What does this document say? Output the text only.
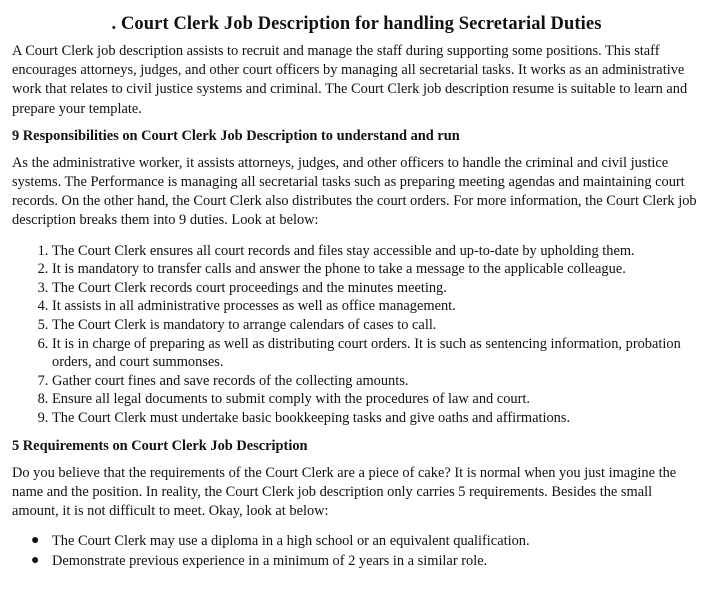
. Court Clerk Job Description for handling Secretarial Duties

A Court Clerk job description assists to recruit and manage the staff during supporting some positions. This staff encourages attorneys, judges, and other court officers by managing all secretarial tasks. It works as an administrative work that relates to civil justice systems and criminal. The Court Clerk job description resume is suitable to learn and prepare your template.

9 Responsibilities on Court Clerk Job Description to understand and run

As the administrative worker, it assists attorneys, judges, and other officers to handle the criminal and civil justice systems. The Performance is managing all secretarial tasks such as preparing meeting agendas and maintaining court records. On the other hand, the Court Clerk also distributes the court orders. For more information, the Court Clerk job description breaks them into 9 duties. Look at below:

1. The Court Clerk ensures all court records and files stay accessible and up-to-date by upholding them.
2. It is mandatory to transfer calls and answer the phone to take a message to the applicable colleague.
3. The Court Clerk records court proceedings and the minutes meeting.
4. It assists in all administrative processes as well as office management.
5. The Court Clerk is mandatory to arrange calendars of cases to call.
6. It is in charge of preparing as well as distributing court orders. It is such as sentencing information, probation orders, and court summonses.
7. Gather court fines and save records of the collecting amounts.
8. Ensure all legal documents to submit comply with the procedures of law and court.
9. The Court Clerk must undertake basic bookkeeping tasks and give oaths and affirmations.
5 Requirements on Court Clerk Job Description

Do you believe that the requirements of the Court Clerk are a piece of cake? It is normal when you just imagine the name and the position. In reality, the Court Clerk job description only carries 5 requirements. Besides the small amount, it is not difficult to meet. Okay, look at below:

● The Court Clerk may use a diploma in a high school or an equivalent qualification.
● Demonstrate previous experience in a minimum of 2 years in a similar role.
